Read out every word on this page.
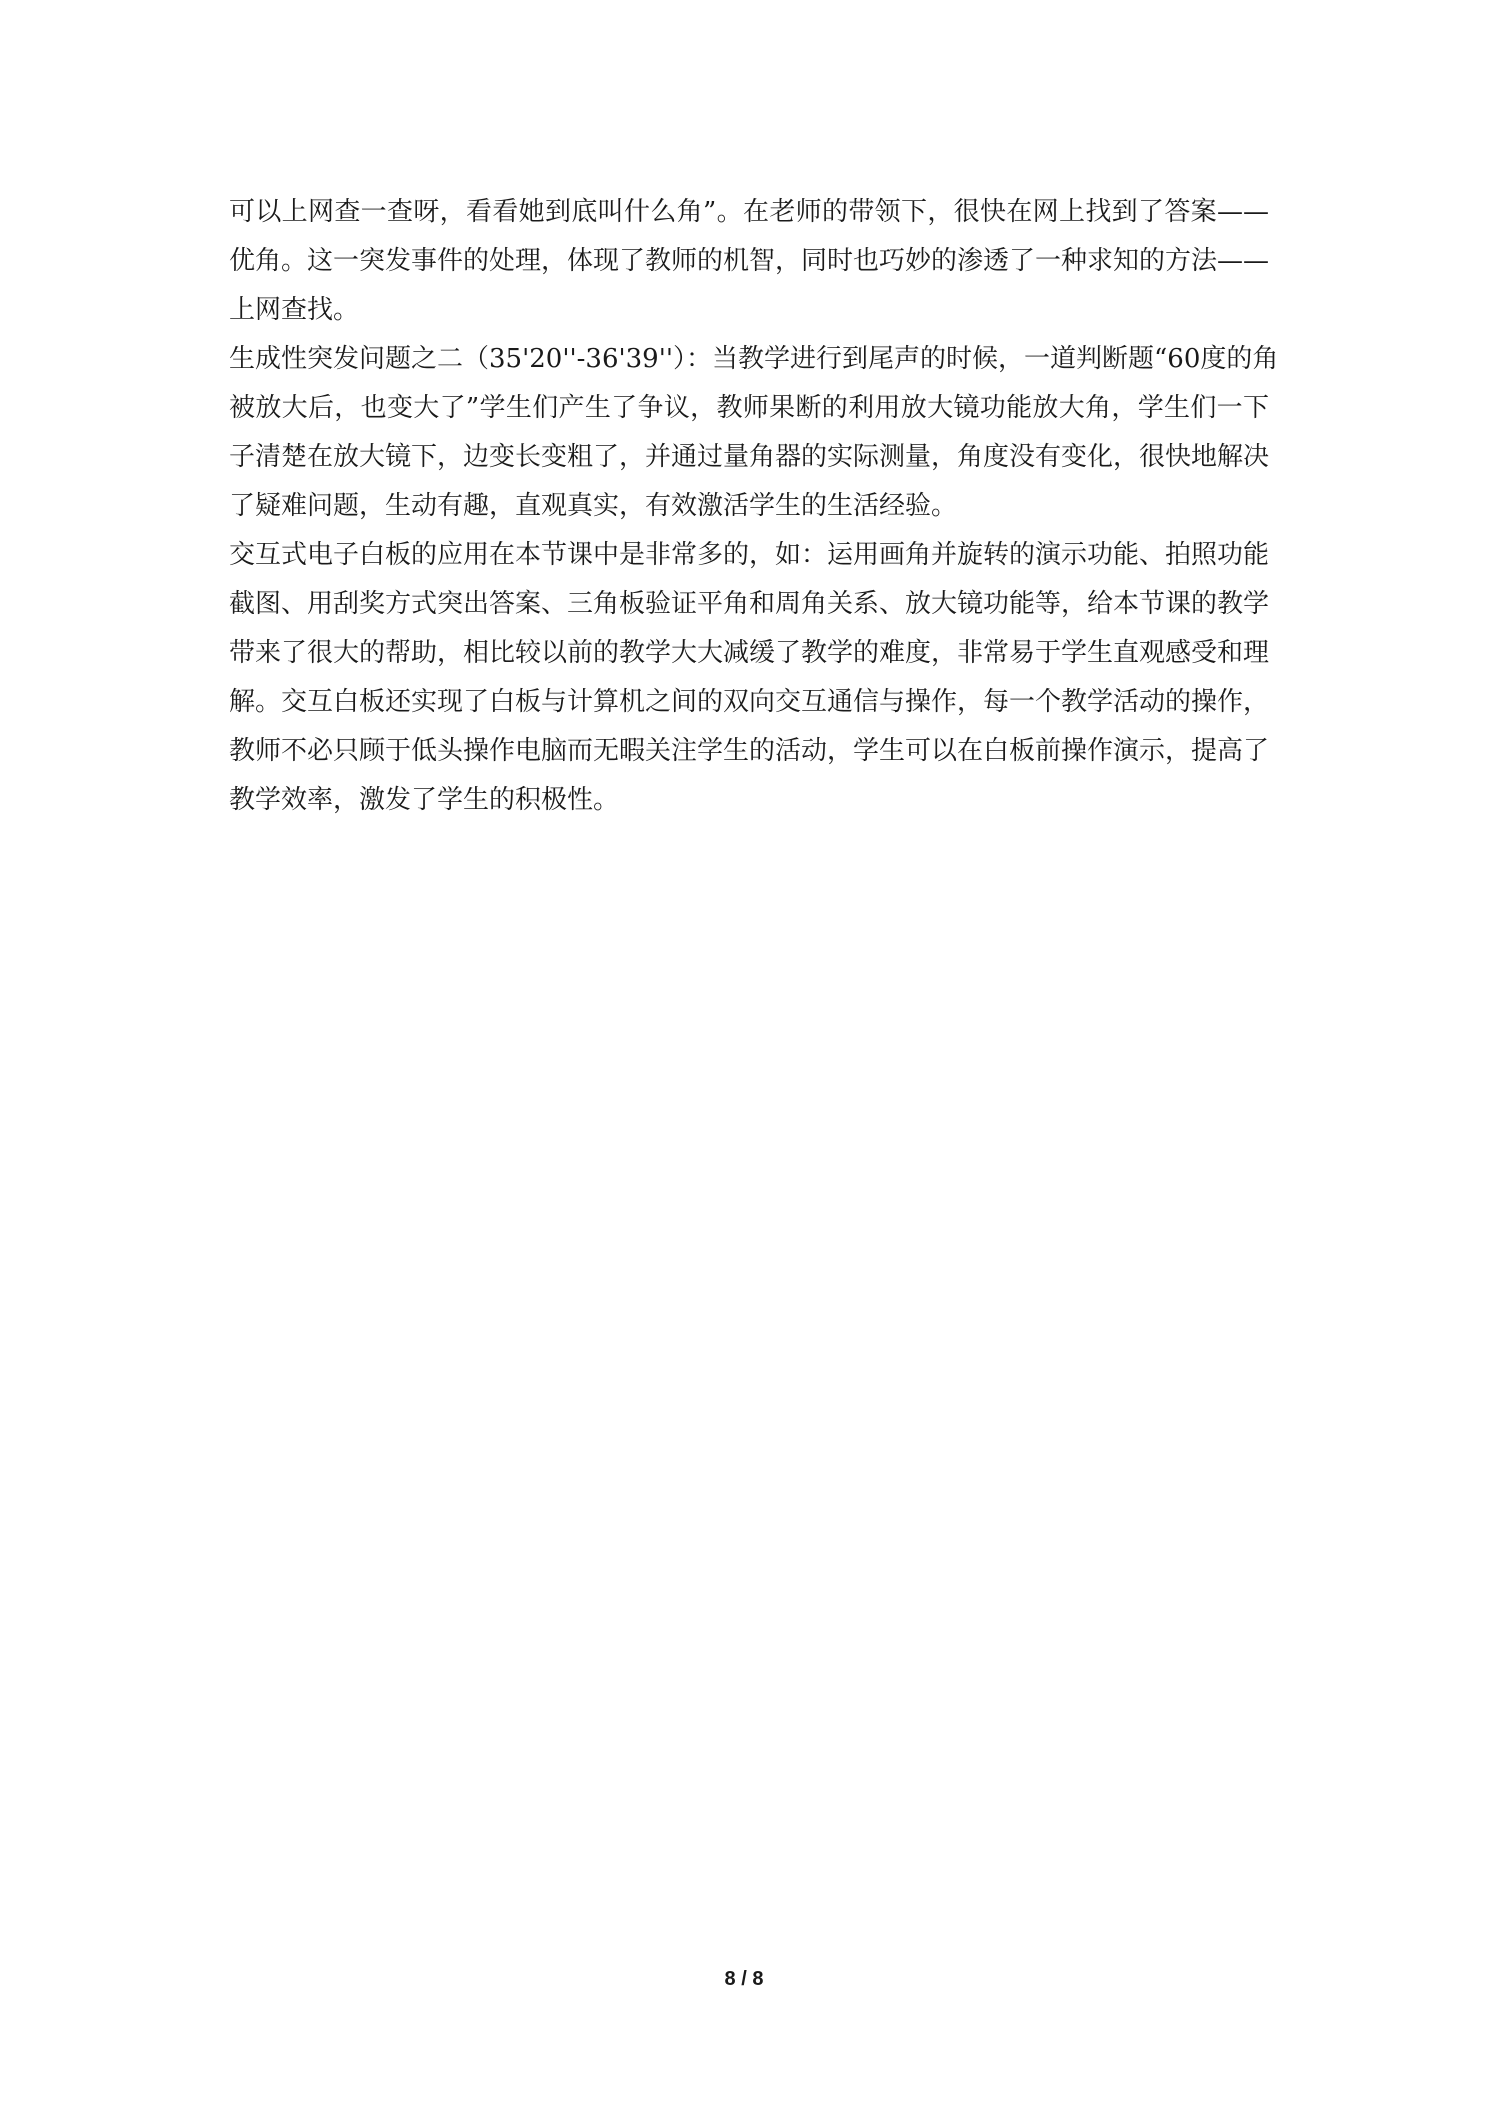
可以上网查一查呀，看看她到底叫什么角”。在老师的带领下，很快在网上找到了答案——
优角。这一突发事件的处理，体现了教师的机智，同时也巧妙的渗透了一种求知的方法——
上网查找。
生成性突发问题之二（35'20''-36'39''）：当教学进行到尾声的时候，一道判断题“60度的角
被放大后，也变大了”学生们产生了争议，教师果断的利用放大镜功能放大角，学生们一下
子清楚在放大镜下，边变长变粗了，并通过量角器的实际测量，角度没有变化，很快地解决
了疑难问题，生动有趣，直观真实，有效激活学生的生活经验。
交互式电子白板的应用在本节课中是非常多的，如：运用画角并旋转的演示功能、拍照功能
截图、用刮奖方式突出答案、三角板验证平角和周角关系、放大镜功能等，给本节课的教学
带来了很大的帮助，相比较以前的教学大大减缓了教学的难度，非常易于学生直观感受和理
解。交互白板还实现了白板与计算机之间的双向交互通信与操作，每一个教学活动的操作，
教师不必只顾于低头操作电脑而无暇关注学生的活动，学生可以在白板前操作演示，提高了
教学效率，激发了学生的积极性。
8 / 8
